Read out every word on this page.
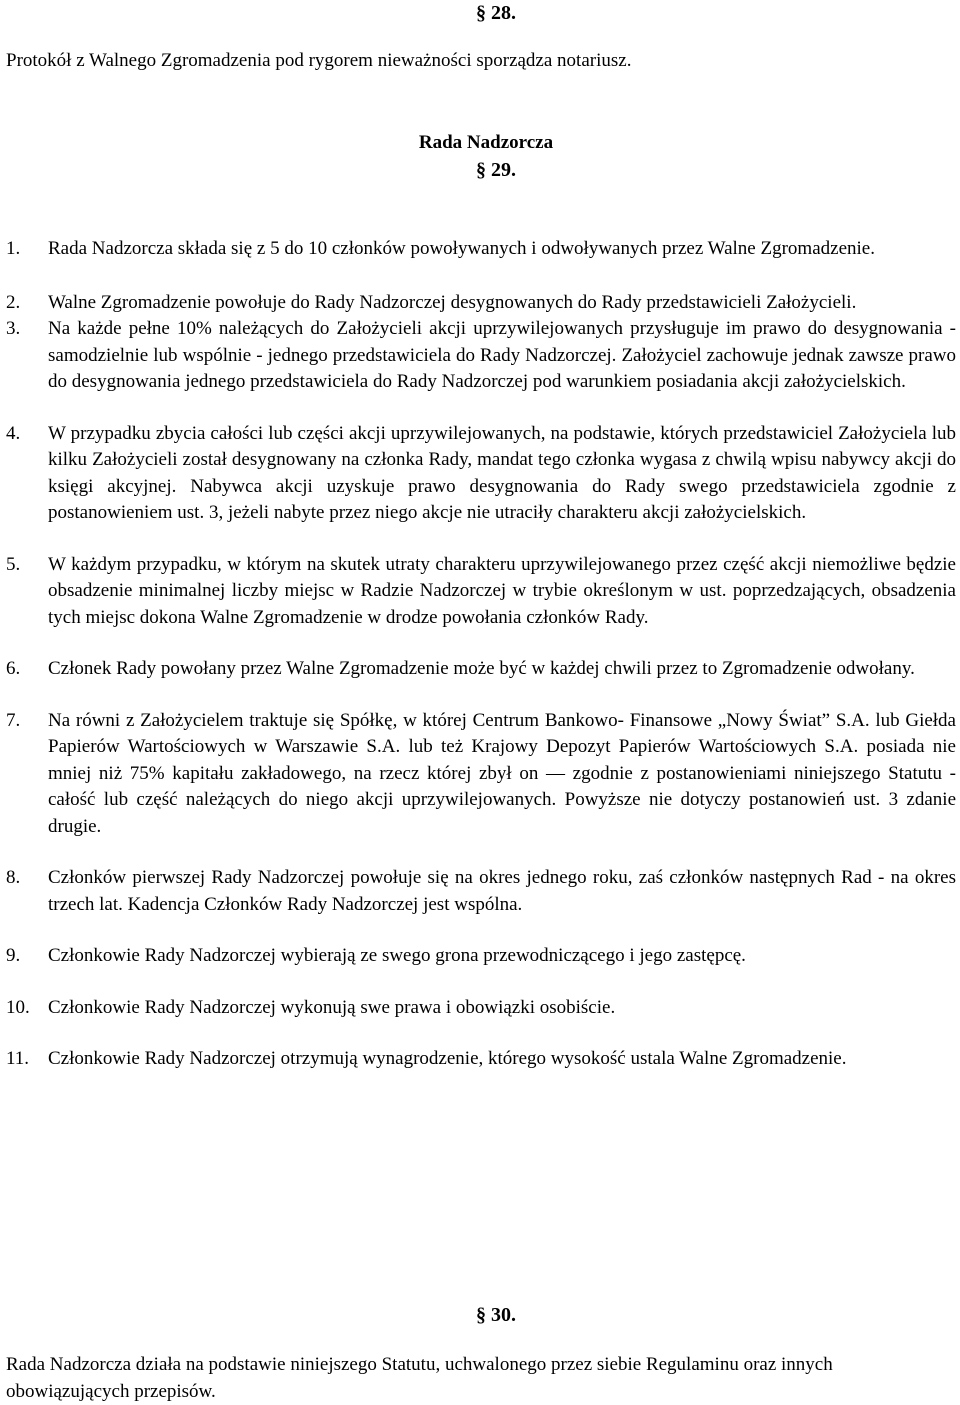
§ 28.
Protokół z Walnego Zgromadzenia pod rygorem nieważności sporządza notariusz.
Rada Nadzorcza
§ 29.
1.	Rada Nadzorcza składa się z 5 do 10 członków powoływanych i odwoływanych przez Walne Zgromadzenie.
2.	Walne Zgromadzenie powołuje do Rady Nadzorczej desygnowanych do Rady przedstawicieli Założycieli.
3.	Na każde pełne 10% należących do Założycieli akcji uprzywilejowanych przysługuje im prawo do desygnowania - samodzielnie lub wspólnie - jednego przedstawiciela do Rady Nadzorczej. Założyciel zachowuje jednak zawsze prawo do desygnowania jednego przedstawiciela do Rady Nadzorczej pod warunkiem posiadania akcji założycielskich.
4.	W przypadku zbycia całości lub części akcji uprzywilejowanych, na podstawie, których przedstawiciel Założyciela lub kilku Założycieli został desygnowany na członka Rady, mandat tego członka wygasa z chwilą wpisu nabywcy akcji do księgi akcyjnej. Nabywca akcji uzyskuje prawo desygnowania do Rady swego przedstawiciela zgodnie z postanowieniem ust. 3, jeżeli nabyte przez niego akcje nie utraciły charakteru akcji założycielskich.
5.	W każdym przypadku, w którym na skutek utraty charakteru uprzywilejowanego przez część akcji niemożliwe będzie obsadzenie minimalnej liczby miejsc w Radzie Nadzorczej w trybie określonym w ust. poprzedzających, obsadzenia tych miejsc dokona Walne Zgromadzenie w drodze powołania członków Rady.
6.	Członek Rady powołany przez Walne Zgromadzenie może być w każdej chwili przez to Zgromadzenie odwołany.
7.	Na równi z Założycielem traktuje się Spółkę, w której Centrum Bankowo- Finansowe „Nowy Świat” S.A. lub Giełda Papierów Wartościowych w Warszawie S.A. lub też Krajowy Depozyt Papierów Wartościowych S.A. posiada nie mniej niż 75% kapitału zakładowego, na rzecz której zbył on — zgodnie z postanowieniami niniejszego Statutu - całość lub część należących do niego akcji uprzywilejowanych. Powyższe nie dotyczy postanowień ust. 3 zdanie drugie.
8.	Członków pierwszej Rady Nadzorczej powołuje się na okres jednego roku, zaś członków następnych Rad - na okres trzech lat. Kadencja Członków Rady Nadzorczej jest wspólna.
9.	Członkowie Rady Nadzorczej wybierają ze swego grona przewodniczącego i jego zastępcę.
10. Członkowie Rady Nadzorczej wykonują swe prawa i obowiązki osobiście.
11. Członkowie Rady Nadzorczej otrzymują wynagrodzenie, którego wysokość ustala Walne Zgromadzenie.
§ 30.
Rada Nadzorcza działa na podstawie niniejszego Statutu, uchwalonego przez siebie Regulaminu oraz innych obowiązujących przepisów.
